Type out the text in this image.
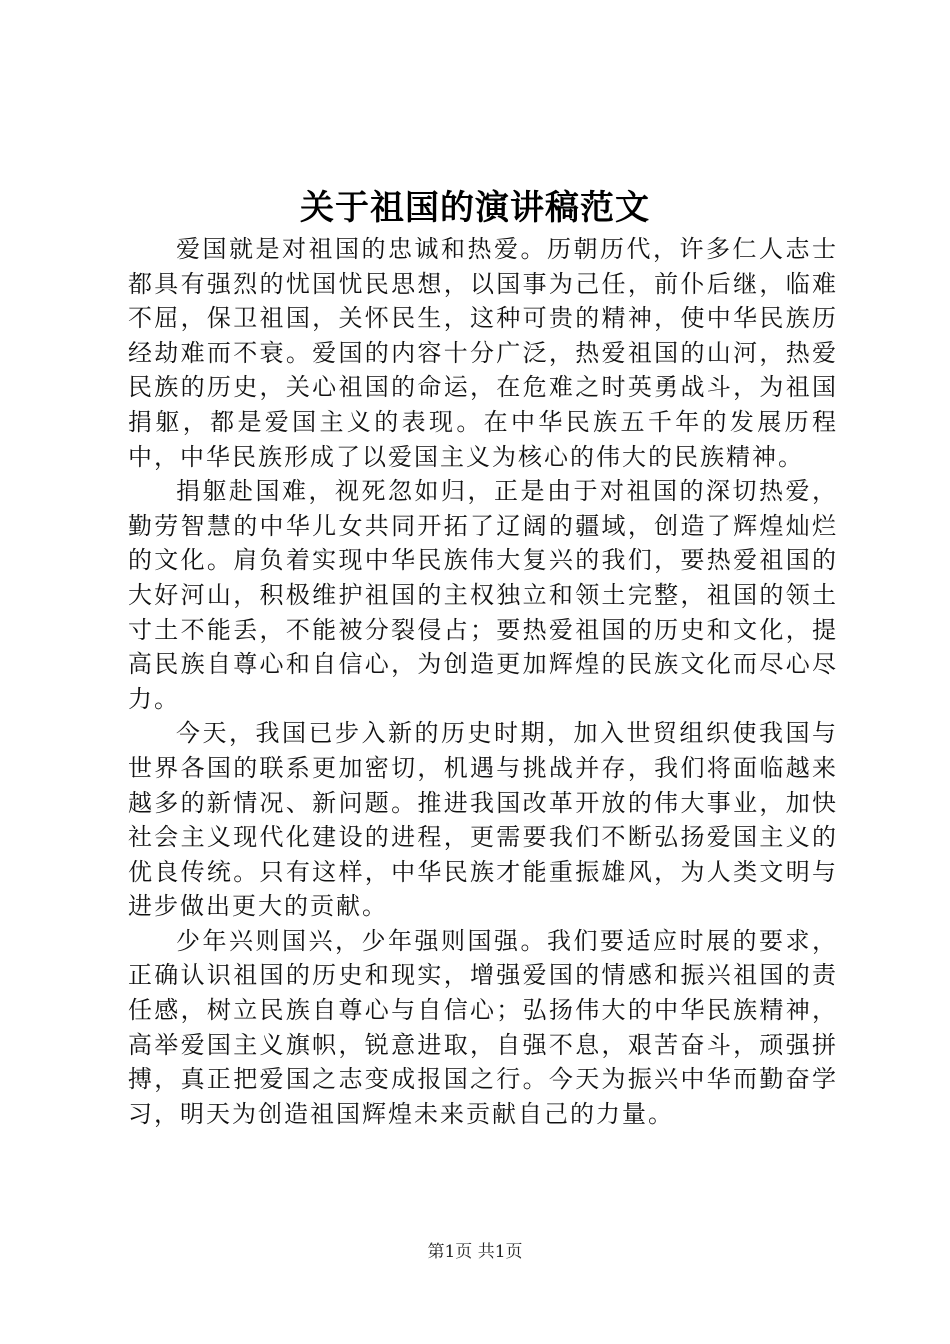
关于祖国的演讲稿范文

爱国就是对祖国的忠诚和热爱。历朝历代，许多仁人志士都具有强烈的忧国忧民思想，以国事为己任，前仆后继，临难不屈，保卫祖国，关怀民生，这种可贵的精神，使中华民族历经劫难而不衰。爱国的内容十分广泛，热爱祖国的山河，热爱民族的历史，关心祖国的命运，在危难之时英勇战斗，为祖国捐躯，都是爱国主义的表现。在中华民族五千年的发展历程中，中华民族形成了以爱国主义为核心的伟大的民族精神。

捐躯赴国难，视死忽如归，正是由于对祖国的深切热爱，勤劳智慧的中华儿女共同开拓了辽阔的疆域，创造了辉煌灿烂的文化。肩负着实现中华民族伟大复兴的我们，要热爱祖国的大好河山，积极维护祖国的主权独立和领土完整，祖国的领土寸土不能丢，不能被分裂侵占；要热爱祖国的历史和文化，提高民族自尊心和自信心，为创造更加辉煌的民族文化而尽心尽力。

今天，我国已步入新的历史时期，加入世贸组织使我国与世界各国的联系更加密切，机遇与挑战并存，我们将面临越来越多的新情况、新问题。推进我国改革开放的伟大事业，加快社会主义现代化建设的进程，更需要我们不断弘扬爱国主义的优良传统。只有这样，中华民族才能重振雄风，为人类文明与进步做出更大的贡献。

少年兴则国兴，少年强则国强。我们要适应时展的要求，正确认识祖国的历史和现实，增强爱国的情感和振兴祖国的责任感，树立民族自尊心与自信心；弘扬伟大的中华民族精神，高举爱国主义旗帜，锐意进取，自强不息，艰苦奋斗，顽强拼搏，真正把爱国之志变成报国之行。今天为振兴中华而勤奋学习，明天为创造祖国辉煌未来贡献自己的力量。

第1页 共1页
